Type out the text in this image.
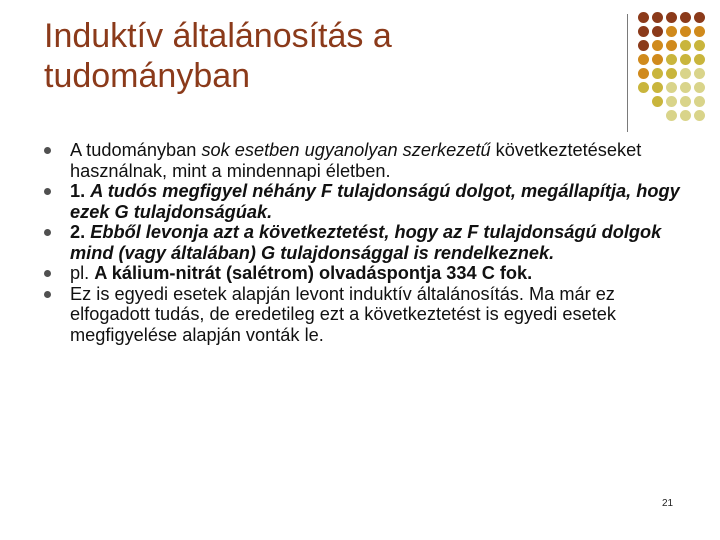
Induktív általánosítás a
tudományban
A tudományban sok esetben ugyanolyan szerkezetű következtetéseket használnak, mint a mindennapi életben.
1. A tudós megfigyel néhány F tulajdonságú dolgot, megállapítja, hogy ezek G tulajdonságúak.
2. Ebből levonja azt a következtetést, hogy az F tulajdonságú dolgok mind (vagy általában) G tulajdonsággal is rendelkeznek.
pl. A kálium-nitrát (salétrom) olvadáspontja 334 C fok.
Ez is egyedi esetek alapján levont induktív általánosítás. Ma már ez elfogadott tudás, de eredetileg ezt a következtetést is egyedi esetek megfigyelése alapján vonták le.
21
